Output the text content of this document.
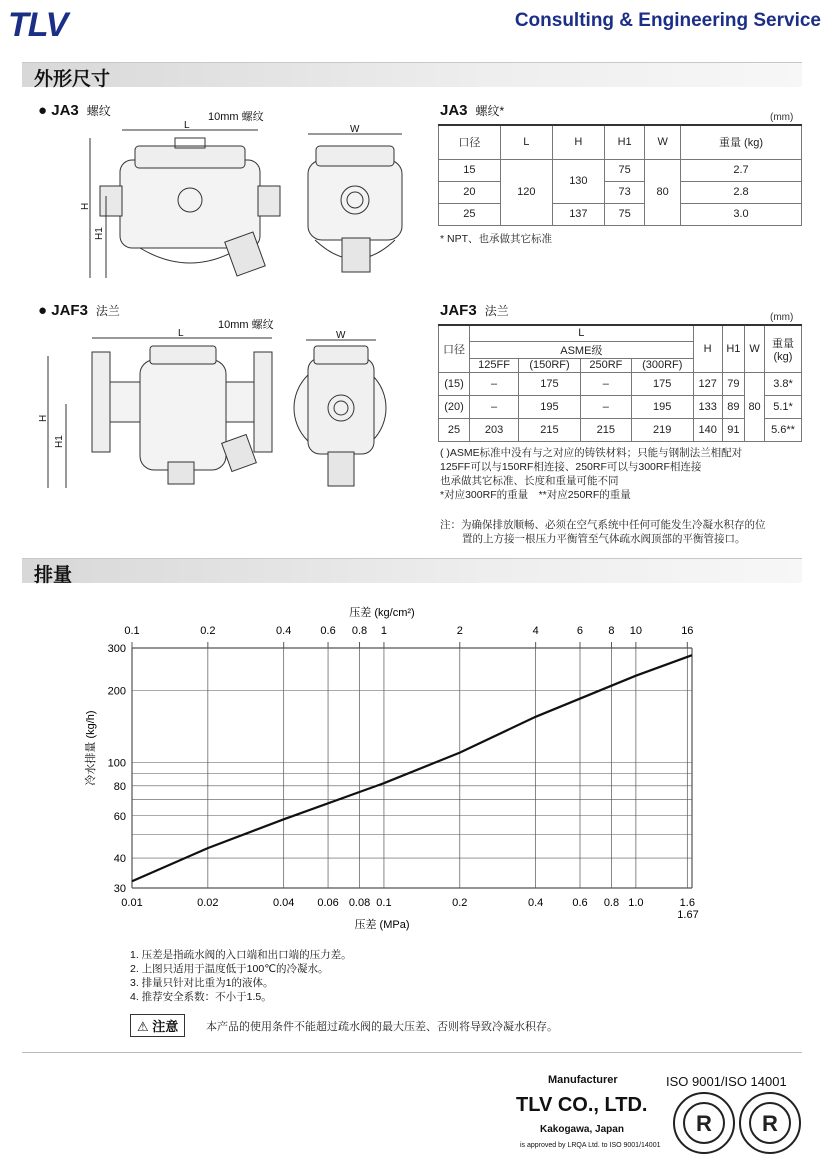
TLV	Consulting & Engineering Service
外形尺寸
● JA3 螺纹	10mm 螺纹
L
H
H1
W
JA3 螺纹*	(mm)
口径	L	H	H1	W	重量 (kg)
15	120	130	75	80	2.7
20			73		2.8
25		137	75		3.0
* NPT、也承做其它标准
● JAF3 法兰
10mm 螺纹
L
H
H1
W
JAF3 法兰	(mm)
口径	L				H	H1	W	重量 (kg)
	ASME级							
	125FF	(150RF)	250RF	(300RF)				
(15)	–	175	–	175	127	79	80	3.8*
(20)	–	195	–	195	133	89		5.1*
25	203	215	215	219	140	91		5.6**
( )ASME标准中没有与之对应的铸铁材料；只能与钢制法兰相配对
125FF可以与150RF相连接、250RF可以与300RF相连接
也承做其它标准、长度和重量可能不同
*对应300RF的重量　**对应250RF的重量
注：为确保排放顺畅、必须在空气系统中任何可能发生冷凝水积存的位
置的上方接一根压力平衡管至气体疏水阀顶部的平衡管接口。
排量
0.01	0.02	0.04 0.06 0.08 0.1	0.2	0.4	0.6 0.8 1.0	1.6
1.67
0.1	0.2	0.4	0.6 0.8 1	2	4	6 8 10	16
30
40
60
80
100
200
300
压差 (kg/cm²)
压差 (MPa)
冷水排量 (kg/h)
1. 压差是指疏水阀的入口端和出口端的压力差。
2. 上图只适用于温度低于100℃的冷凝水。
3. 排量只针对比重为1的液体。
4. 推荐安全系数：不小于1.5。
⚠ 注意	本产品的使用条件不能超过疏水阀的最大压差、否则将导致冷凝水积存。
Manufacturer	ISO 9001/ISO 14001
TLV CO., LTD.
Kakogawa, Japan
is approved by LRQA Ltd. to ISO 9001/14001
R R
